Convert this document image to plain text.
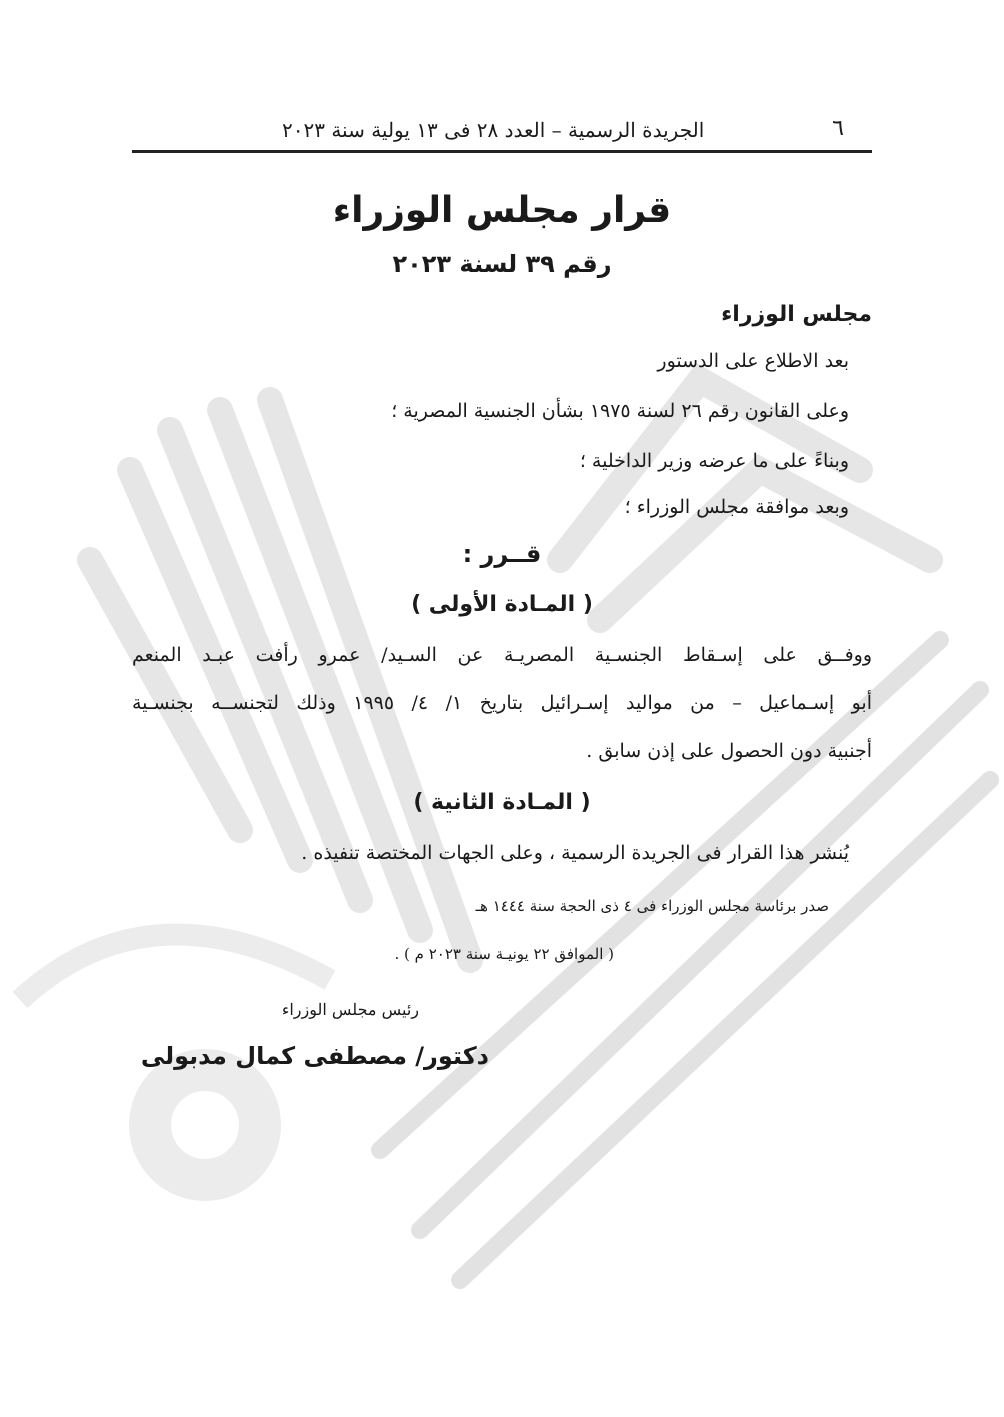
٦
الجريدة الرسمية – العدد ٢٨ فى ١٣ يولية سنة ٢٠٢٣
قرار مجلس الوزراء
رقم ٣٩ لسنة ٢٠٢٣
مجلس الوزراء
بعد الاطلاع على الدستور
وعلى القانون رقم ٢٦ لسنة ١٩٧٥ بشأن الجنسية المصرية ؛
وبناءً على ما عرضه وزير الداخلية ؛
وبعد موافقة مجلس الوزراء ؛
قــرر :
( المـادة الأولى )
ووفــق على إسـقاط الجنسـية المصريـة عن السـيد/ عمرو رأفت عبـد المنعم
أبو إسـماعيل – من مواليد إسـرائيل بتاريخ ١/ ٤/ ١٩٩٥ وذلك لتجنســه بجنسـية
أجنبية دون الحصول على إذن سابق .
( المـادة الثانية )
يُنشر هذا القرار فى الجريدة الرسمية ، وعلى الجهات المختصة تنفيذه .
صدر برئاسة مجلس الوزراء فى ٤ ذى الحجة سنة ١٤٤٤ هـ
( الموافق ٢٢ يونيـة سنة ٢٠٢٣ م ) .
رئيس مجلس الوزراء
دكتور/ مصطفى كمال مدبولى
